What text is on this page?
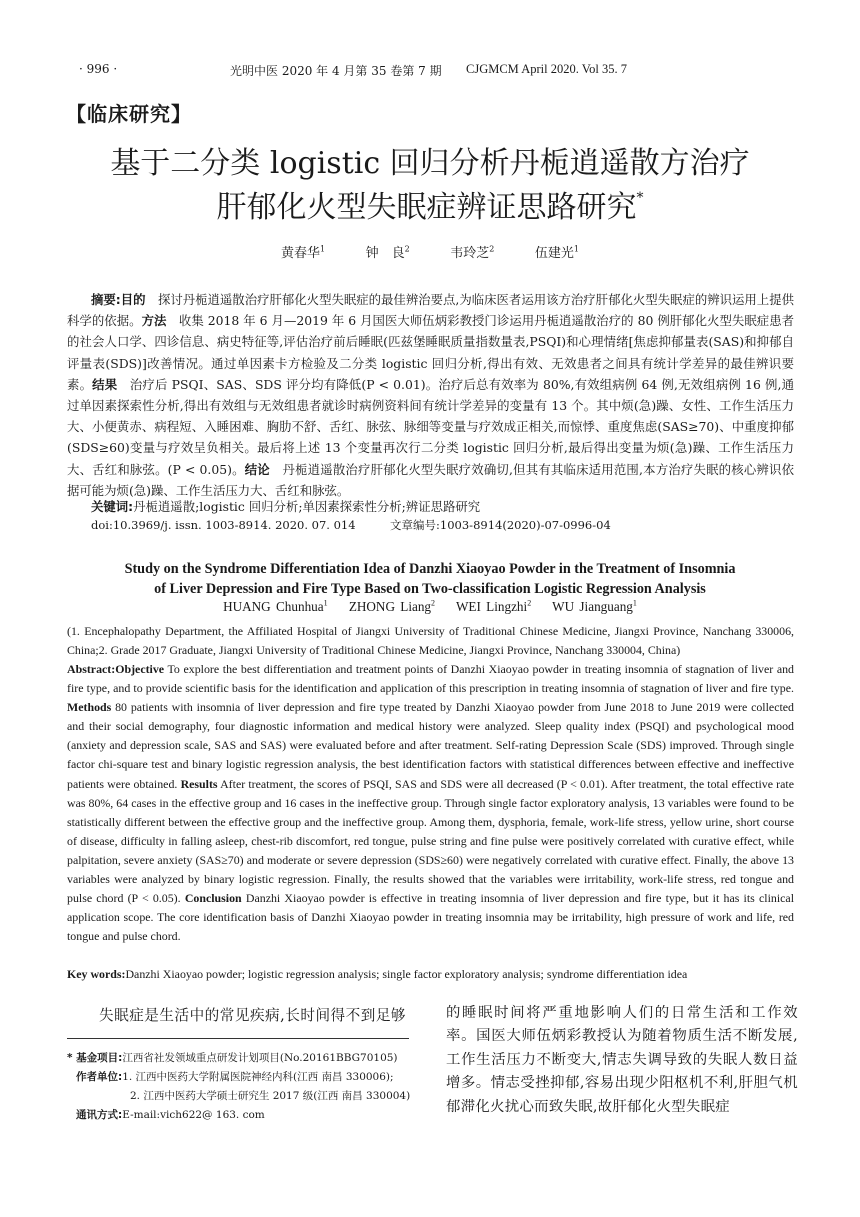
· 996 ·	光明中医 2020 年 4 月第 35 卷第 7 期 CJGMCM April 2020. Vol 35. 7
【临床研究】
基于二分类 logistic 回归分析丹栀逍遥散方治疗
肝郁化火型失眠症辨证思路研究*
黄春华$^1$	钟　良$^2$	韦玲芝$^2$	伍建光$^1$
摘要:目的　探讨丹栀逍遥散治疗肝郁化火型失眠症的最佳辨治要点,为临床医者运用该方治疗肝郁化火型失眠症的辨识运用上提供科学的依据。方法　收集 2018 年 6 月—2019 年 6 月国医大师伍炳彩教授门诊运用丹栀逍遥散治疗的 80 例肝郁化火型失眠症患者的社会人口学、四诊信息、病史特征等,评估治疗前后睡眠(匹兹堡睡眠质量指数量表,PSQI)和心理情绪[焦虑抑郁量表(SAS)和抑郁自评量表(SDS)]改善情况。通过单因素卡方检验及二分类 logistic 回归分析,得出有效、无效患者之间具有统计学差异的最佳辨识要素。结果　治疗后 PSQI、SAS、SDS 评分均有降低(P < 0.01)。治疗后总有效率为 80%,有效组病例 64 例,无效组病例 16 例,通过单因素探索性分析,得出有效组与无效组患者就诊时病例资料间有统计学差异的变量有 13 个。其中烦(急)躁、女性、工作生活压力大、小便黄赤、病程短、入睡困难、胸肋不舒、舌红、脉弦、脉细等变量与疗效成正相关,而惊悸、重度焦虑(SAS≥70)、中重度抑郁(SDS≥60)变量与疗效呈负相关。最后将上述 13 个变量再次行二分类 logistic 回归分析,最后得出变量为烦(急)躁、工作生活压力大、舌红和脉弦。(P < 0.05)。结论　丹栀逍遥散治疗肝郁化火型失眠疗效确切,但其有其临床适用范围,本方治疗失眠的核心辨识依据可能为烦(急)躁、工作生活压力大、舌红和脉弦。
关键词:丹栀逍遥散;logistic 回归分析;单因素探索性分析;辨证思路研究
doi:10.3969/j. issn. 1003-8914. 2020. 07. 014　　　文章编号:1003-8914(2020)-07-0996-04
Study on the Syndrome Differentiation Idea of Danzhi Xiaoyao Powder in the Treatment of Insomnia
of Liver Depression and Fire Type Based on Two-classification Logistic Regression Analysis
HUANG Chunhua$^1$ ZHONG Liang$^2$ WEI Lingzhi$^2$ WU Jianguang$^1$
(1. Encephalopathy Department, the Affiliated Hospital of Jiangxi University of Traditional Chinese Medicine, Jiangxi Province, Nanchang 330006, China;2. Grade 2017 Graduate, Jiangxi University of Traditional Chinese Medicine, Jiangxi Province, Nanchang 330004, China)
Abstract:Objective To explore the best differentiation and treatment points of Danzhi Xiaoyao powder in treating insomnia of stagnation of liver and fire type, and to provide scientific basis for the identification and application of this prescription in treating insomnia of stagnation of liver and fire type. Methods 80 patients with insomnia of liver depression and fire type treated by Danzhi Xiaoyao powder from June 2018 to June 2019 were collected and their social demography, four diagnostic information and medical history were analyzed. Sleep quality index (PSQI) and psychological mood (anxiety and depression scale, SAS and SAS) were evaluated before and after treatment. Self-rating Depression Scale (SDS) improved. Through single factor chi-square test and binary logistic regression analysis, the best identification factors with statistical differences between effective and ineffective patients were obtained. Results After treatment, the scores of PSQI, SAS and SDS were all decreased (P < 0.01). After treatment, the total effective rate was 80%, 64 cases in the effective group and 16 cases in the ineffective group. Through single factor exploratory analysis, 13 variables were found to be statistically different between the effective group and the ineffective group. Among them, dysphoria, female, work-life stress, yellow urine, short course of disease, difficulty in falling asleep, chest-rib discomfort, red tongue, pulse string and fine pulse were positively correlated with curative effect, while palpitation, severe anxiety (SAS≥70) and moderate or severe depression (SDS≥60) were negatively correlated with curative effect. Finally, the above 13 variables were analyzed by binary logistic regression. Finally, the results showed that the variables were irritability, work-life stress, red tongue and pulse chord (P < 0.05). Conclusion Danzhi Xiaoyao powder is effective in treating insomnia of liver depression and fire type, but it has its clinical application scope. The core identification basis of Danzhi Xiaoyao powder in treating insomnia may be irritability, high pressure of work and life, red tongue and pulse chord.
Key words:Danzhi Xiaoyao powder; logistic regression analysis; single factor exploratory analysis; syndrome differentiation idea
失眠症是生活中的常见疾病,长时间得不到足够
* 基金项目:江西省社发领域重点研发计划项目(No.20161BBG70105)
作者单位:1. 江西中医药大学附属医院神经内科(江西 南昌 330006);
2. 江西中医药大学硕士研究生 2017 级(江西 南昌 330004)
通讯方式:E-mail:vich622@ 163. com
的睡眠时间将严重地影响人们的日常生活和工作效率。国医大师伍炳彩教授认为随着物质生活不断发展,工作生活压力不断变大,情志失调导致的失眠人数日益增多。情志受挫抑郁,容易出现少阳枢机不利,肝胆气机郁滞化火扰心而致失眠,故肝郁化火型失眠症
